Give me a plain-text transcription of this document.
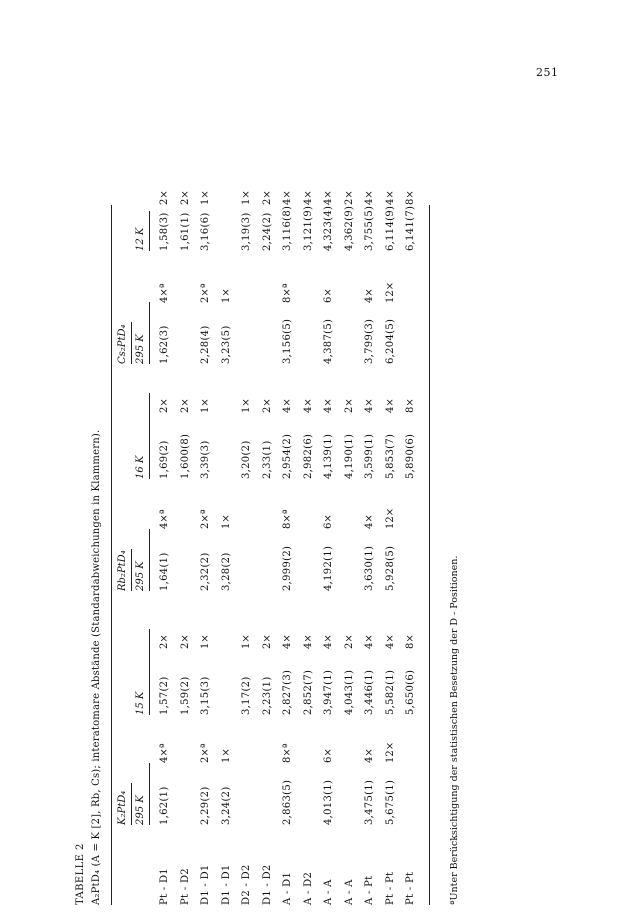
251
TABELLE 2 A₂PtD₄ (A = K [2], Rb, Cs); interatomare Abstände (Standardabweichungen in Klammern). K₂PtD₄
Rb₂PtD₄
Cs₂PtD₄
295 K
15 K
295 K
16 K
295 K
12 K
Pt - D1
1,62(1)
4×ª
1,57(2)
2×
1,64(1)
4×ª
1,69(2)
2×
1,62(3)
4×ª
1,58(3)
2×
Pt - D2
1,59(2)
2×
1,600(8)
2×
1,61(1)
2×
D1 - D1
2,29(2)
2×ª
3,15(3)
1×
2,32(2)
2×ª
3,39(3)
1×
2,28(4)
2×ª
3,16(6)
1×
D1 - D1
3,24(2)
1×
3,28(2)
1×
3,23(5)
1×
D2 - D2
3,17(2)
1×
3,20(2)
1×
3,19(3)
1×
D1 - D2
2,23(1)
2×
2,33(1)
2×
2,24(2)
2×
A - D1
2,863(5)
8×ª
2,827(3)
4×
2,999(2)
8×ª
2,954(2)
4×
3,156(5)
8×ª
3,116(8)
4×
A - D2
2,852(7)
4×
2,982(6)
4×
3,121(9)
4×
A - A
4,013(1)
6×
3,947(1)
4×
4,192(1)
6×
4,139(1)
4×
4,387(5)
6×
4,323(4)
4×
A - A
4,043(1)
2×
4,190(1)
2×
4,362(9)
2×
A - Pt
3,475(1)
4×
3,446(1)
4×
3,630(1)
4×
3,599(1)
4×
3,799(3)
4×
3,755(5)
4×
Pt - Pt
5,675(1)
12×
5,582(1)
4×
5,928(5)
12×
5,853(7)
4×
6,204(5)
12×
6,114(9)
4×
Pt - Pt
5,650(6)
8×
5,890(6)
8×
6,141(7)
8×
ªUnter Berücksichtigung der statistischen Besetzung der D - Positionen.
